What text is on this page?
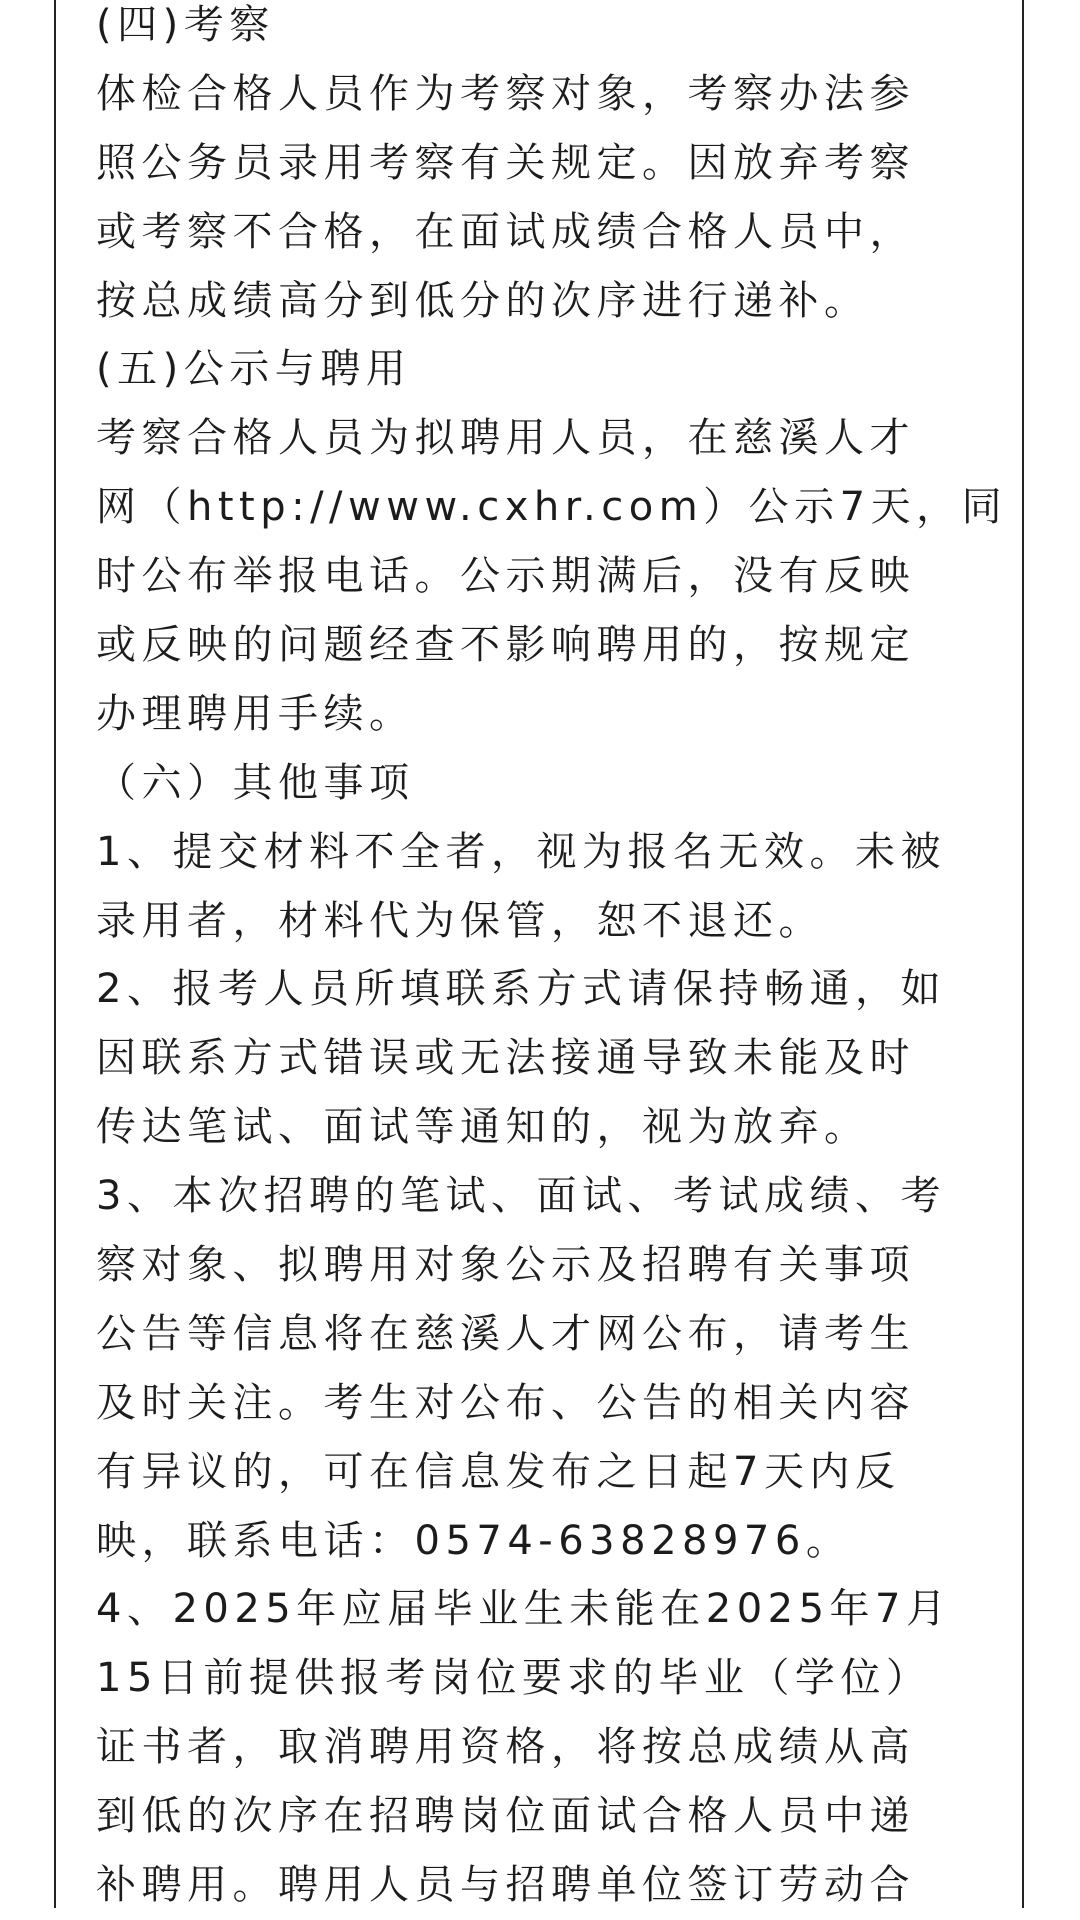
(四)考察
体检合格人员作为考察对象，考察办法参
照公务员录用考察有关规定。因放弃考察
或考察不合格，在面试成绩合格人员中，
按总成绩高分到低分的次序进行递补。
(五)公示与聘用
考察合格人员为拟聘用人员，在慈溪人才
网（http://www.cxhr.com）公示7天，同
时公布举报电话。公示期满后，没有反映
或反映的问题经查不影响聘用的，按规定
办理聘用手续。
（六）其他事项
1、提交材料不全者，视为报名无效。未被
录用者，材料代为保管，恕不退还。
2、报考人员所填联系方式请保持畅通，如
因联系方式错误或无法接通导致未能及时
传达笔试、面试等通知的，视为放弃。
3、本次招聘的笔试、面试、考试成绩、考
察对象、拟聘用对象公示及招聘有关事项
公告等信息将在慈溪人才网公布，请考生
及时关注。考生对公布、公告的相关内容
有异议的，可在信息发布之日起7天内反
映，联系电话：0574-63828976。
4、2025年应届毕业生未能在2025年7月
15日前提供报考岗位要求的毕业（学位）
证书者，取消聘用资格，将按总成绩从高
到低的次序在招聘岗位面试合格人员中递
补聘用。聘用人员与招聘单位签订劳动合
